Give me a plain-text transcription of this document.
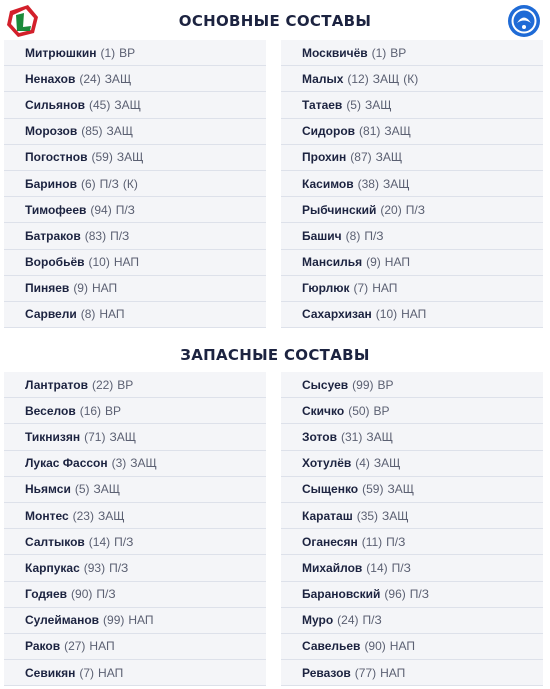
ОСНОВНЫЕ СОСТАВЫ
ЗАПАСНЫЕ СОСТАВЫ
Митрюшкин (1) ВР
Ненахов (24) ЗАЩ
Сильянов (45) ЗАЩ
Морозов (85) ЗАЩ
Погостнов (59) ЗАЩ
Баринов (6) П/З (К)
Тимофеев (94) П/З
Батраков (83) П/З
Воробьёв (10) НАП
Пиняев (9) НАП
Сарвели (8) НАП
Москвичёв (1) ВР
Малых (12) ЗАЩ (К)
Татаев (5) ЗАЩ
Сидоров (81) ЗАЩ
Прохин (87) ЗАЩ
Касимов (38) ЗАЩ
Рыбчинский (20) П/З
Башич (8) П/З
Мансилья (9) НАП
Гюрлюк (7) НАП
Сахархизан (10) НАП
Лантратов (22) ВР
Веселов (16) ВР
Тикнизян (71) ЗАЩ
Лукас Фассон (3) ЗАЩ
Ньямси (5) ЗАЩ
Монтес (23) ЗАЩ
Салтыков (14) П/З
Карпукас (93) П/З
Годяев (90) П/З
Сулейманов (99) НАП
Раков (27) НАП
Севикян (7) НАП
Сысуев (99) ВР
Скичко (50) ВР
Зотов (31) ЗАЩ
Хотулёв (4) ЗАЩ
Сыщенко (59) ЗАЩ
Караташ (35) ЗАЩ
Оганесян (11) П/З
Михайлов (14) П/З
Барановский (96) П/З
Муро (24) П/З
Савельев (90) НАП
Ревазов (77) НАП
